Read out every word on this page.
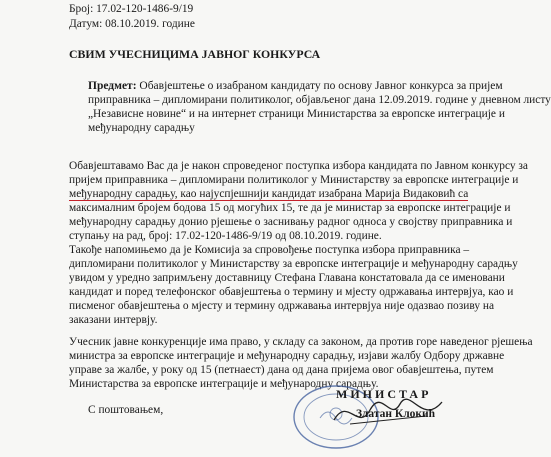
Број: 17.02-120-1486-9/19
Датум: 08.10.2019. године
СВИМ УЧЕСНИЦИМА ЈАВНОГ КОНКУРСА
Предмет: Обавјештење о изабраном кандидату по основу Јавног конкурса за пријем
приправника – дипломирани политиколог, објављеног дана 12.09.2019. године у дневном листу
„Независне новине“ и на интернет страници Министарства за европске интеграције и
међународну сарадњу
Обавјештавамо Вас да је након спроведеног поступка избора кандидата по Јавном конкурсу за
пријем приправника – дипломирани политиколог у Министарству за европске интеграције и
међународну сарадњу, као најуспјешнији кандидат изабрана Марија Видаковић са
максималним бројем бодова 15 од могућих 15, те да је министар за европске интеграције и
међународну сарадњу донио рјешење о заснивању радног односа у својству приправника и
ступању на рад, број: 17.02-120-1486-9/19 од 08.10.2019. године.
Такође напомињемо да је Комисија за спровођење поступка избора приправника –
дипломирани политиколог у Министарству за европске интеграције и међународну сарадњу
увидом у уредно запримљену доставницу Стефана Главана констатовала да се именовани
кандидат и поред телефонског обавјештења о термину и мјесту одржавања интервјуа, као и
писменог обавјештења о мјесту и термину одржавања интервјуа није одазвао позиву на
заказани интервју.
Учесник јавне конкуренције има право, у складу са законом, да против горе наведеног рјешења
министра за европске интеграције и међународну сарадњу, изјави жалбу Одбору државне
управе за жалбе, у року од 15 (петнаест) дана од дана пријема овог обавјештења, путем
Министарства за европске интеграције и међународну сарадњу.
С поштовањем,
МИНИСТАР
Златан Клокић
